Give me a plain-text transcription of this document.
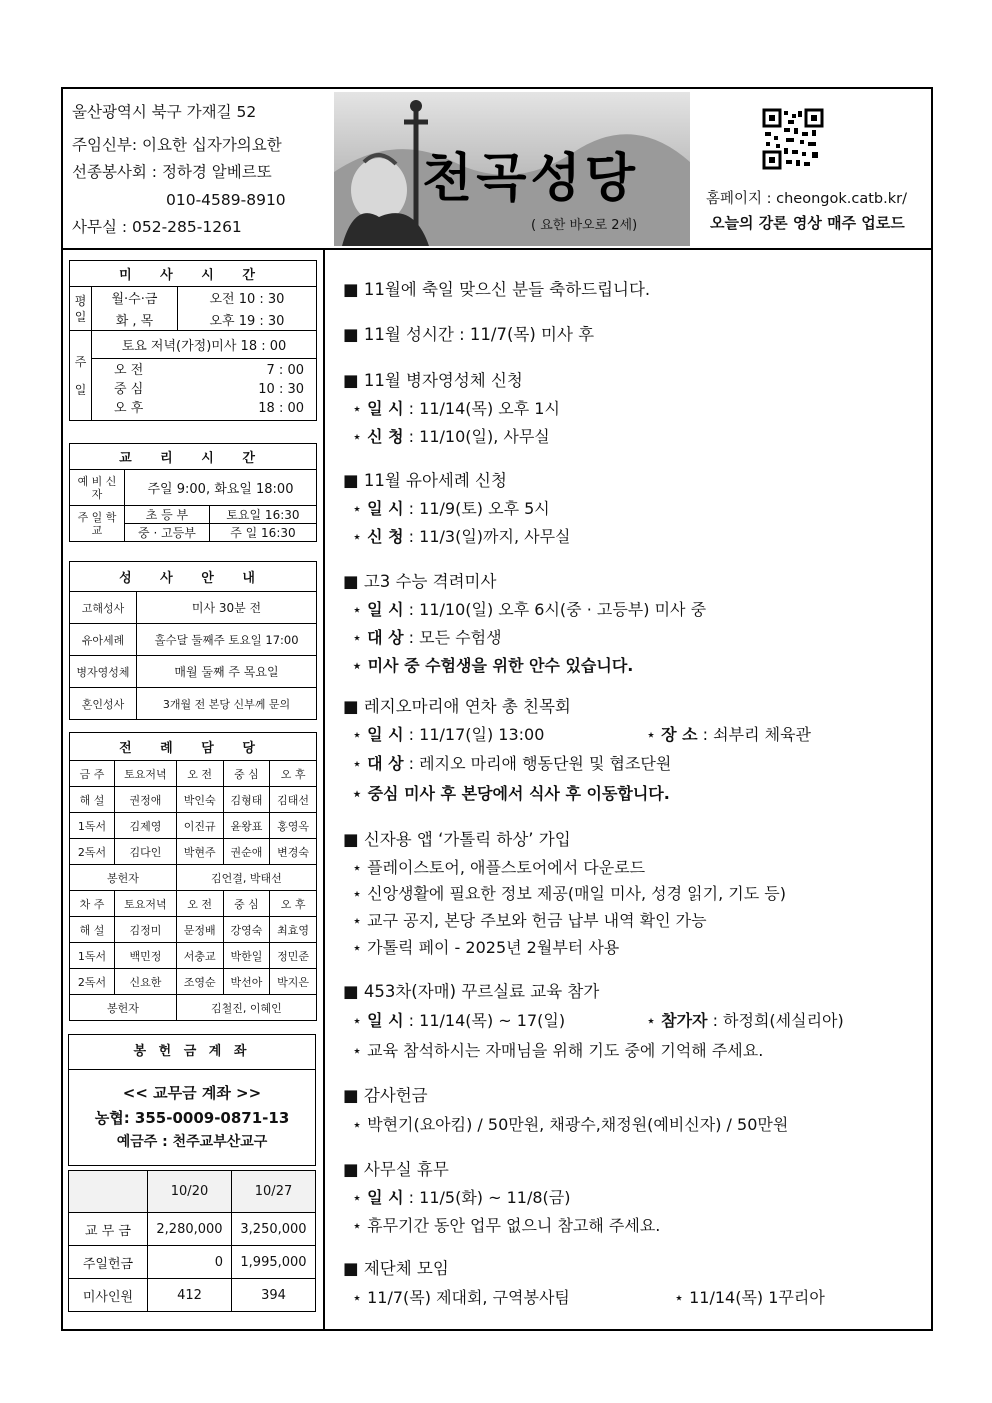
울산광역시 북구 가재길 52
주임신부: 이요한 십자가의요한
선종봉사회 : 정하경 알베르또
010-4589-8910
사무실 : 052-285-1261
천곡성당
( 요한 바오로 2세)
홈페이지 : cheongok.catb.kr/
오늘의 강론 영상 매주 업로드
미 사 시 간		

평
일	월·수·금	오전 10 : 30
	화 , 목	오후 19 : 30

주
일	토요 저녁(가정)미사 18 : 00	

	오 전 7 : 00
중 심 10 : 30
오 후 18 : 00	
교 리 시 간		
예 비 신 자	주일 9:00, 화요일 18:00	
주 일 학 교	초 등 부	토요일 16:30
	중 · 고등부	주 일 16:30
성 사 안 내	
고해성사	미사 30분 전
유아세례	홀수달 둘째주 토요일 17:00
병자영성체	매월 둘째 주 목요일
혼인성사	3개월 전 본당 신부께 문의
전 례 담 당				
금 주	토요저녁	오 전	중 심	오 후
해 설	권정애	박인숙	김형태	김태선
1독서	김제영	이진규	윤왕표	홍영옥
2독서	김다인	박현주	권순애	변경숙
봉헌자		김언결, 박태선		
차 주	토요저녁	오 전	중 심	오 후
해 설	김정미	문정배	강영숙	최효영
1독서	백민정	서충교	박한일	정민준
2독서	신요한	조영순	박선아	박지은
봉헌자		김철진, 이혜인		
봉 헌 금 계 좌
<< 교무금 계좌 >>
농협: 355-0009-0871-13
예금주 : 천주교부산교구
	10/20	10/27
교 무 금	2,280,000	3,250,000
주일헌금	0	1,995,000
미사인원	412	394
■ 11월에 축일 맞으신 분들 축하드립니다.
■ 11월 성시간 : 11/7(목) 미사 후
■ 11월 병자영성체 신청
⋆ 일 시 : 11/14(목) 오후 1시
⋆ 신 청 : 11/10(일), 사무실
■ 11월 유아세례 신청
⋆ 일 시 : 11/9(토) 오후 5시
⋆ 신 청 : 11/3(일)까지, 사무실
■ 고3 수능 격려미사
⋆ 일 시 : 11/10(일) 오후 6시(중 · 고등부) 미사 중
⋆ 대 상 : 모든 수험생
⋆ 미사 중 수험생을 위한 안수 있습니다.
■ 레지오마리애 연차 총 친목회
⋆ 일 시 : 11/17(일) 13:00	⋆ 장 소 : 쇠부리 체육관
⋆ 대 상 : 레지오 마리애 행동단원 및 협조단원
⋆ 중심 미사 후 본당에서 식사 후 이동합니다.
■ 신자용 앱 ‘가톨릭 하상’ 가입
⋆ 플레이스토어, 애플스토어에서 다운로드
⋆ 신앙생활에 필요한 정보 제공(매일 미사, 성경 읽기, 기도 등)
⋆ 교구 공지, 본당 주보와 헌금 납부 내역 확인 가능
⋆ 가톨릭 페이 - 2025년 2월부터 사용
■ 453차(자매) 꾸르실료 교육 참가
⋆ 일 시 : 11/14(목) ~ 17(일)	⋆ 참가자 : 하정희(세실리아)
⋆ 교육 참석하시는 자매님을 위해 기도 중에 기억해 주세요.
■ 감사헌금
⋆ 박현기(요아킴) / 50만원, 채광수,채정원(예비신자) / 50만원
■ 사무실 휴무
⋆ 일 시 : 11/5(화) ~ 11/8(금)
⋆ 휴무기간 동안 업무 없으니 참고해 주세요.
■ 제단체 모임
⋆ 11/7(목) 제대회, 구역봉사팀	⋆ 11/14(목) 1꾸리아
